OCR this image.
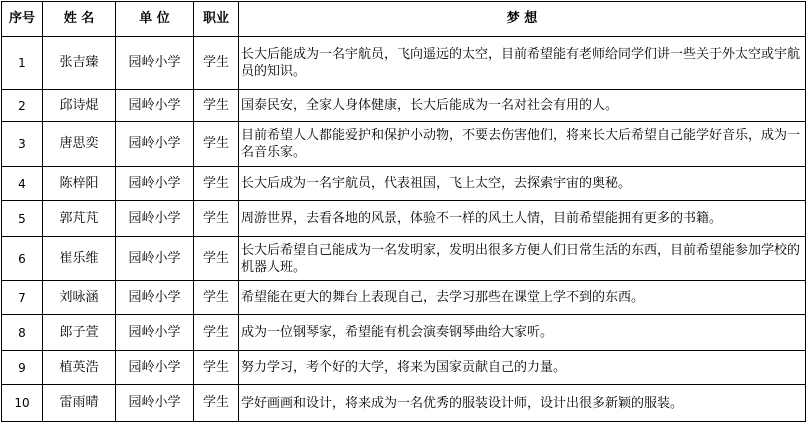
序号	姓 名	单 位	职业	梦 想
1	张吉臻	园岭小学	学生	长大后能成为一名宇航员，飞向遥远的太空，目前希望能有老师给同学们讲一些关于外太空或宇航员的知识。
2	邱诗焜	园岭小学	学生	国泰民安，全家人身体健康，长大后能成为一名对社会有用的人。
3	唐思奕	园岭小学	学生	目前希望人人都能爱护和保护小动物，不要去伤害他们，将来长大后希望自己能学好音乐，成为一名音乐家。
4	陈梓阳	园岭小学	学生	长大后成为一名宇航员，代表祖国，飞上太空，去探索宇宙的奥秘。
5	郭芃芃	园岭小学	学生	周游世界，去看各地的风景，体验不一样的风土人情，目前希望能拥有更多的书籍。
6	崔乐维	园岭小学	学生	长大后希望自己能成为一名发明家，发明出很多方便人们日常生活的东西，目前希望能参加学校的机器人班。
7	刘咏涵	园岭小学	学生	希望能在更大的舞台上表现自己，去学习那些在课堂上学不到的东西。
8	郎子萱	园岭小学	学生	成为一位钢琴家，希望能有机会演奏钢琴曲给大家听。
9	植英浩	园岭小学	学生	努力学习，考个好的大学，将来为国家贡献自己的力量。
10	雷雨晴	园岭小学	学生	学好画画和设计，将来成为一名优秀的服装设计师，设计出很多新颖的服装。
